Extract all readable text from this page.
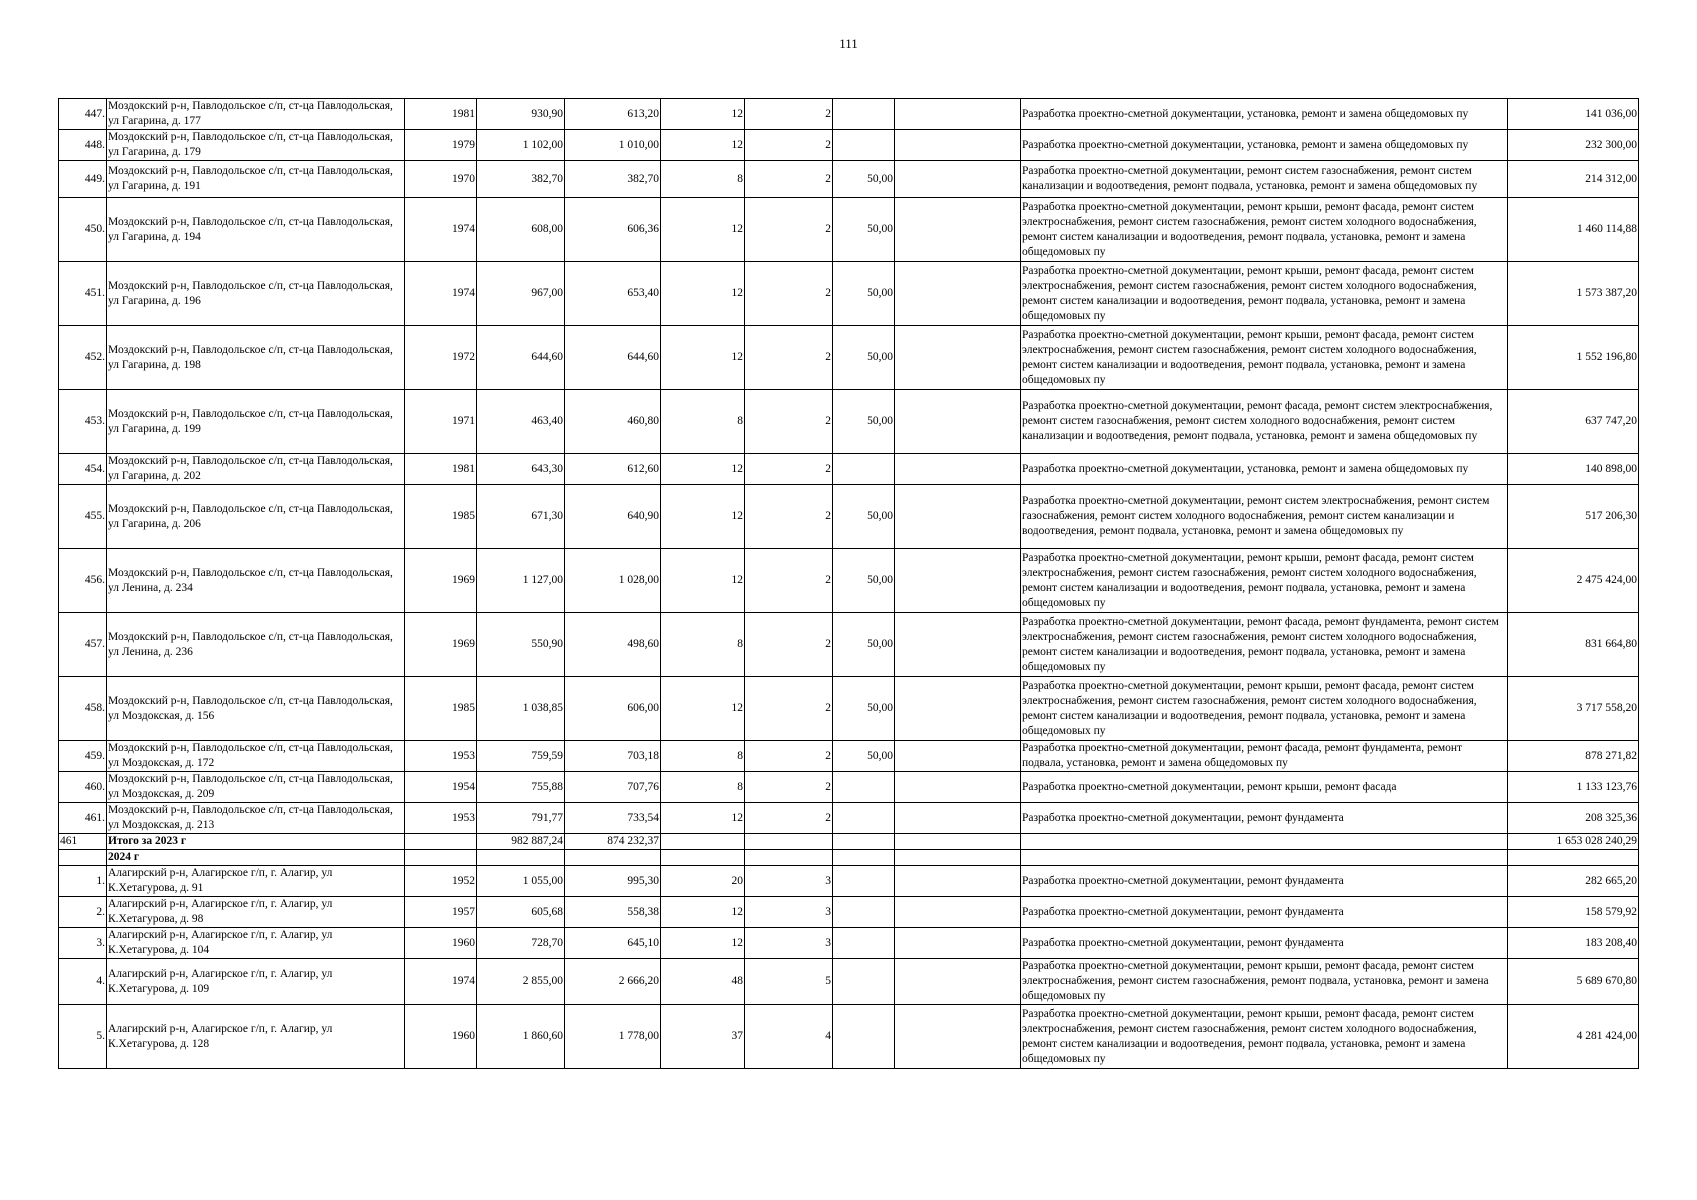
111
447.	Моздокский р-н, Павлодольское с/п, ст-ца Павлодольская, ул Гагарина, д. 177	1981	930,90	613,20	12	2			Разработка проектно-сметной документации, установка, ремонт и замена общедомовых пу	141 036,00
448.	Моздокский р-н, Павлодольское с/п, ст-ца Павлодольская, ул Гагарина, д. 179	1979	1 102,00	1 010,00	12	2			Разработка проектно-сметной документации, установка, ремонт и замена общедомовых пу	232 300,00
449.	Моздокский р-н, Павлодольское с/п, ст-ца Павлодольская, ул Гагарина, д. 191	1970	382,70	382,70	8	2	50,00		Разработка проектно-сметной документации, ремонт систем газоснабжения, ремонт систем канализации и водоотведения, ремонт подвала, установка, ремонт и замена общедомовых пу	214 312,00
450.	Моздокский р-н, Павлодольское с/п, ст-ца Павлодольская, ул Гагарина, д. 194	1974	608,00	606,36	12	2	50,00		Разработка проектно-сметной документации, ремонт крыши, ремонт фасада, ремонт систем электроснабжения, ремонт систем газоснабжения, ремонт систем холодного водоснабжения, ремонт систем канализации и водоотведения, ремонт подвала, установка, ремонт и замена общедомовых пу	1 460 114,88
451.	Моздокский р-н, Павлодольское с/п, ст-ца Павлодольская, ул Гагарина, д. 196	1974	967,00	653,40	12	2	50,00		Разработка проектно-сметной документации, ремонт крыши, ремонт фасада, ремонт систем электроснабжения, ремонт систем газоснабжения, ремонт систем холодного водоснабжения, ремонт систем канализации и водоотведения, ремонт подвала, установка, ремонт и замена общедомовых пу	1 573 387,20
452.	Моздокский р-н, Павлодольское с/п, ст-ца Павлодольская, ул Гагарина, д. 198	1972	644,60	644,60	12	2	50,00		Разработка проектно-сметной документации, ремонт крыши, ремонт фасада, ремонт систем электроснабжения, ремонт систем газоснабжения, ремонт систем холодного водоснабжения, ремонт систем канализации и водоотведения, ремонт подвала, установка, ремонт и замена общедомовых пу	1 552 196,80
453.	Моздокский р-н, Павлодольское с/п, ст-ца Павлодольская, ул Гагарина, д. 199	1971	463,40	460,80	8	2	50,00		Разработка проектно-сметной документации, ремонт фасада, ремонт систем электроснабжения, ремонт систем газоснабжения, ремонт систем холодного водоснабжения, ремонт систем канализации и водоотведения, ремонт подвала, установка, ремонт и замена общедомовых пу	637 747,20
454.	Моздокский р-н, Павлодольское с/п, ст-ца Павлодольская, ул Гагарина, д. 202	1981	643,30	612,60	12	2			Разработка проектно-сметной документации, установка, ремонт и замена общедомовых пу	140 898,00
455.	Моздокский р-н, Павлодольское с/п, ст-ца Павлодольская, ул Гагарина, д. 206	1985	671,30	640,90	12	2	50,00		Разработка проектно-сметной документации, ремонт систем электроснабжения, ремонт систем газоснабжения, ремонт систем холодного водоснабжения, ремонт систем канализации и водоотведения, ремонт подвала, установка, ремонт и замена общедомовых пу	517 206,30
456.	Моздокский р-н, Павлодольское с/п, ст-ца Павлодольская, ул Ленина, д. 234	1969	1 127,00	1 028,00	12	2	50,00		Разработка проектно-сметной документации, ремонт крыши, ремонт фасада, ремонт систем электроснабжения, ремонт систем газоснабжения, ремонт систем холодного водоснабжения, ремонт систем канализации и водоотведения, ремонт подвала, установка, ремонт и замена общедомовых пу	2 475 424,00
457.	Моздокский р-н, Павлодольское с/п, ст-ца Павлодольская, ул Ленина, д. 236	1969	550,90	498,60	8	2	50,00		Разработка проектно-сметной документации, ремонт фасада, ремонт фундамента, ремонт систем электроснабжения, ремонт систем газоснабжения, ремонт систем холодного водоснабжения, ремонт систем канализации и водоотведения, ремонт подвала, установка, ремонт и замена общедомовых пу	831 664,80
458.	Моздокский р-н, Павлодольское с/п, ст-ца Павлодольская, ул Моздокская, д. 156	1985	1 038,85	606,00	12	2	50,00		Разработка проектно-сметной документации, ремонт крыши, ремонт фасада, ремонт систем электроснабжения, ремонт систем газоснабжения, ремонт систем холодного водоснабжения, ремонт систем канализации и водоотведения, ремонт подвала, установка, ремонт и замена общедомовых пу	3 717 558,20
459.	Моздокский р-н, Павлодольское с/п, ст-ца Павлодольская, ул Моздокская, д. 172	1953	759,59	703,18	8	2	50,00		Разработка проектно-сметной документации, ремонт фасада, ремонт фундамента, ремонт подвала, установка, ремонт и замена общедомовых пу	878 271,82
460.	Моздокский р-н, Павлодольское с/п, ст-ца Павлодольская, ул Моздокская, д. 209	1954	755,88	707,76	8	2			Разработка проектно-сметной документации, ремонт крыши, ремонт фасада	1 133 123,76
461.	Моздокский р-н, Павлодольское с/п, ст-ца Павлодольская, ул Моздокская, д. 213	1953	791,77	733,54	12	2			Разработка проектно-сметной документации, ремонт фундамента	208 325,36
461	Итого за 2023 г		982 887,24	874 232,37						1 653 028 240,29
	2024 г									
1.	Алагирский р-н, Алагирское г/п, г. Алагир, ул К.Хетагурова, д. 91	1952	1 055,00	995,30	20	3			Разработка проектно-сметной документации, ремонт фундамента	282 665,20
2.	Алагирский р-н, Алагирское г/п, г. Алагир, ул К.Хетагурова, д. 98	1957	605,68	558,38	12	3			Разработка проектно-сметной документации, ремонт фундамента	158 579,92
3.	Алагирский р-н, Алагирское г/п, г. Алагир, ул К.Хетагурова, д. 104	1960	728,70	645,10	12	3			Разработка проектно-сметной документации, ремонт фундамента	183 208,40
4.	Алагирский р-н, Алагирское г/п, г. Алагир, ул К.Хетагурова, д. 109	1974	2 855,00	2 666,20	48	5			Разработка проектно-сметной документации, ремонт крыши, ремонт фасада, ремонт систем электроснабжения, ремонт систем газоснабжения, ремонт подвала, установка, ремонт и замена общедомовых пу	5 689 670,80
5.	Алагирский р-н, Алагирское г/п, г. Алагир, ул К.Хетагурова, д. 128	1960	1 860,60	1 778,00	37	4			Разработка проектно-сметной документации, ремонт крыши, ремонт фасада, ремонт систем электроснабжения, ремонт систем газоснабжения, ремонт систем холодного водоснабжения, ремонт систем канализации и водоотведения, ремонт подвала, установка, ремонт и замена общедомовых пу	4 281 424,00
